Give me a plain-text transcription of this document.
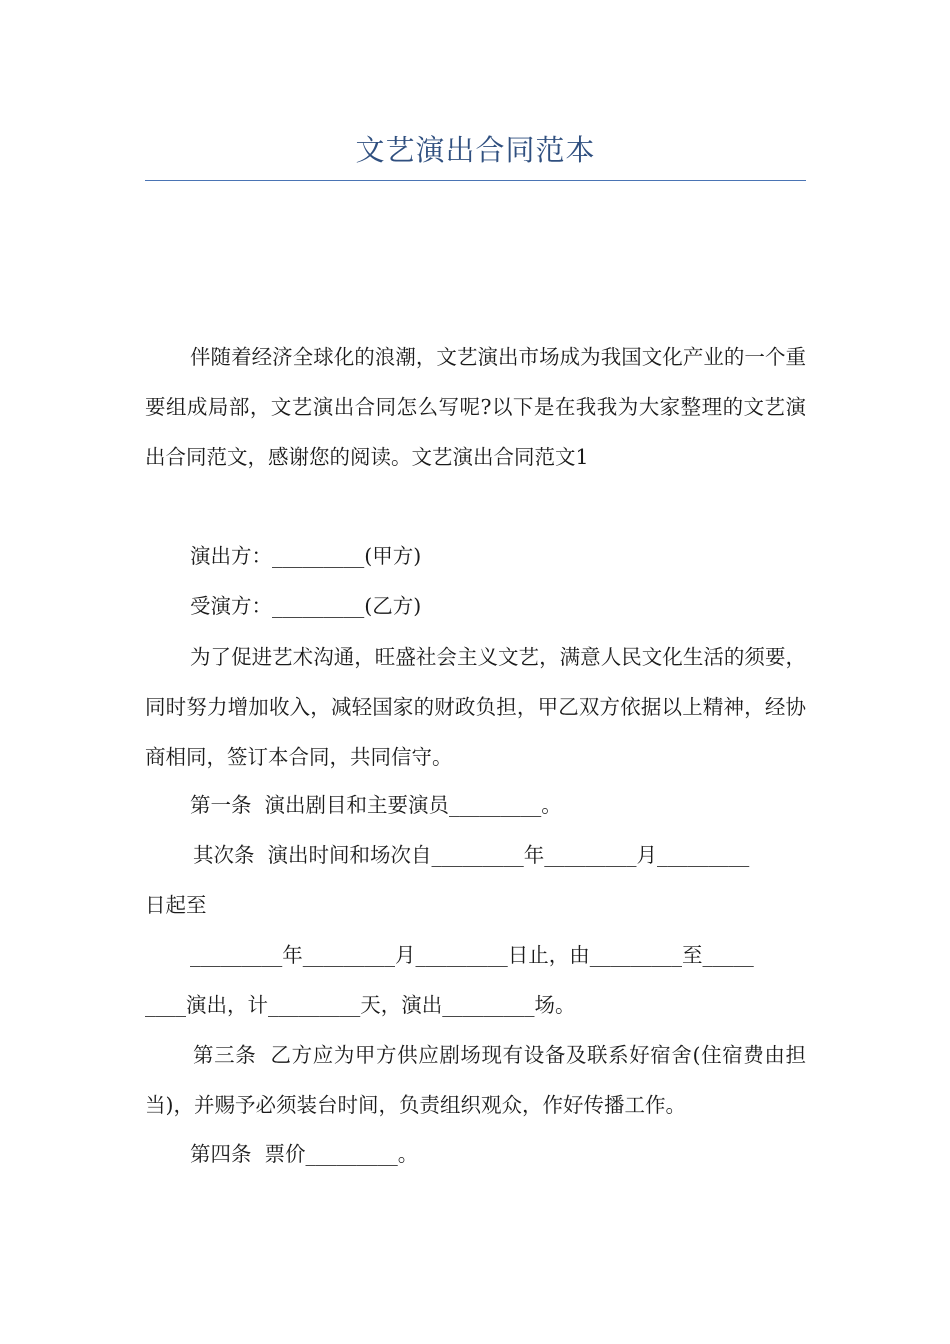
文艺演出合同范本

伴随着经济全球化的浪潮，文艺演出市场成为我国文化产业的一个重要组成局部，文艺演出合同怎么写呢?以下是在我我为大家整理的文艺演出合同范文，感谢您的阅读。文艺演出合同范文1

演出方：_________(甲方)

受演方：_________(乙方)

为了促进艺术沟通，旺盛社会主义文艺，满意人民文化生活的须要，同时努力增加收入，减轻国家的财政负担，甲乙双方依据以上精神，经协商相同，签订本合同，共同信守。

第一条  演出剧目和主要演员_________。

其次条  演出时间和场次自_________年_________月_________

日起至

_________年_________月_________日止，由_________至_____

____演出，计_________天，演出_________场。

第三条  乙方应为甲方供应剧场现有设备及联系好宿舍(住宿费由担当)，并赐予必须装台时间，负责组织观众，作好传播工作。

第四条  票价_________。
